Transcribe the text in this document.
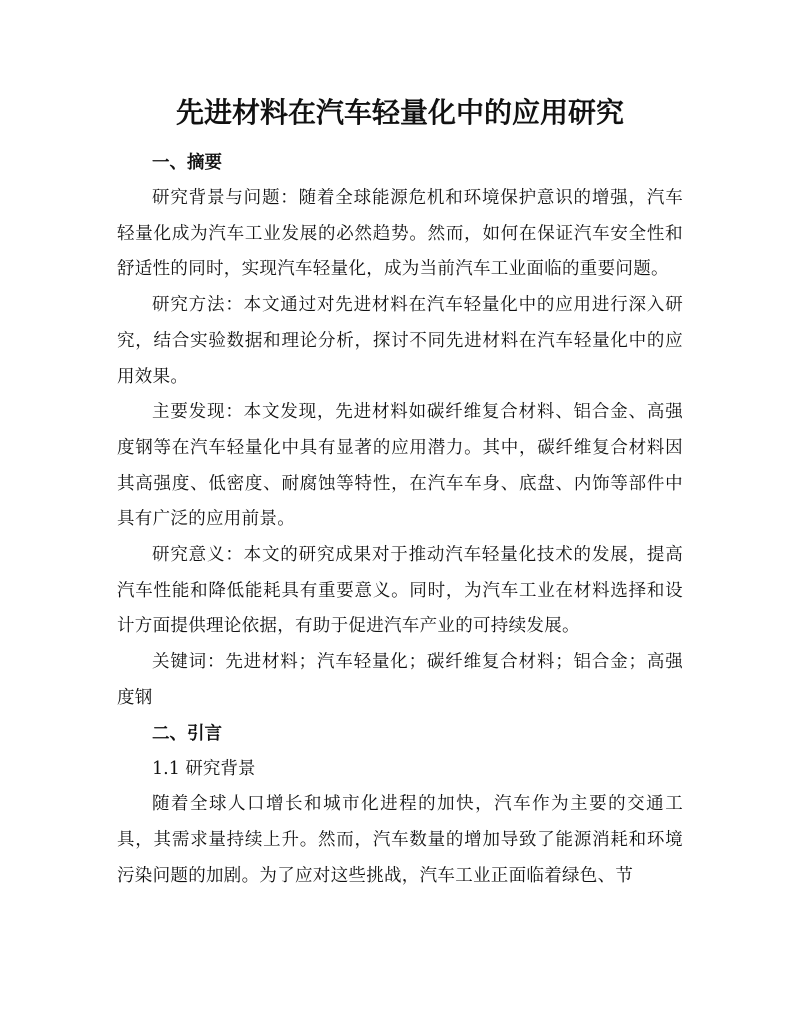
先进材料在汽车轻量化中的应用研究
一、摘要

研究背景与问题：随着全球能源危机和环境保护意识的增强，汽车轻量化成为汽车工业发展的必然趋势。然而，如何在保证汽车安全性和舒适性的同时，实现汽车轻量化，成为当前汽车工业面临的重要问题。

研究方法：本文通过对先进材料在汽车轻量化中的应用进行深入研究，结合实验数据和理论分析，探讨不同先进材料在汽车轻量化中的应用效果。

主要发现：本文发现，先进材料如碳纤维复合材料、铝合金、高强度钢等在汽车轻量化中具有显著的应用潜力。其中，碳纤维复合材料因其高强度、低密度、耐腐蚀等特性，在汽车车身、底盘、内饰等部件中具有广泛的应用前景。

研究意义：本文的研究成果对于推动汽车轻量化技术的发展，提高汽车性能和降低能耗具有重要意义。同时，为汽车工业在材料选择和设计方面提供理论依据，有助于促进汽车产业的可持续发展。

关键词：先进材料；汽车轻量化；碳纤维复合材料；铝合金；高强度钢

二、引言

1.1 研究背景

随着全球人口增长和城市化进程的加快，汽车作为主要的交通工具，其需求量持续上升。然而，汽车数量的增加导致了能源消耗和环境污染问题的加剧。为了应对这些挑战，汽车工业正面临着绿色、节
